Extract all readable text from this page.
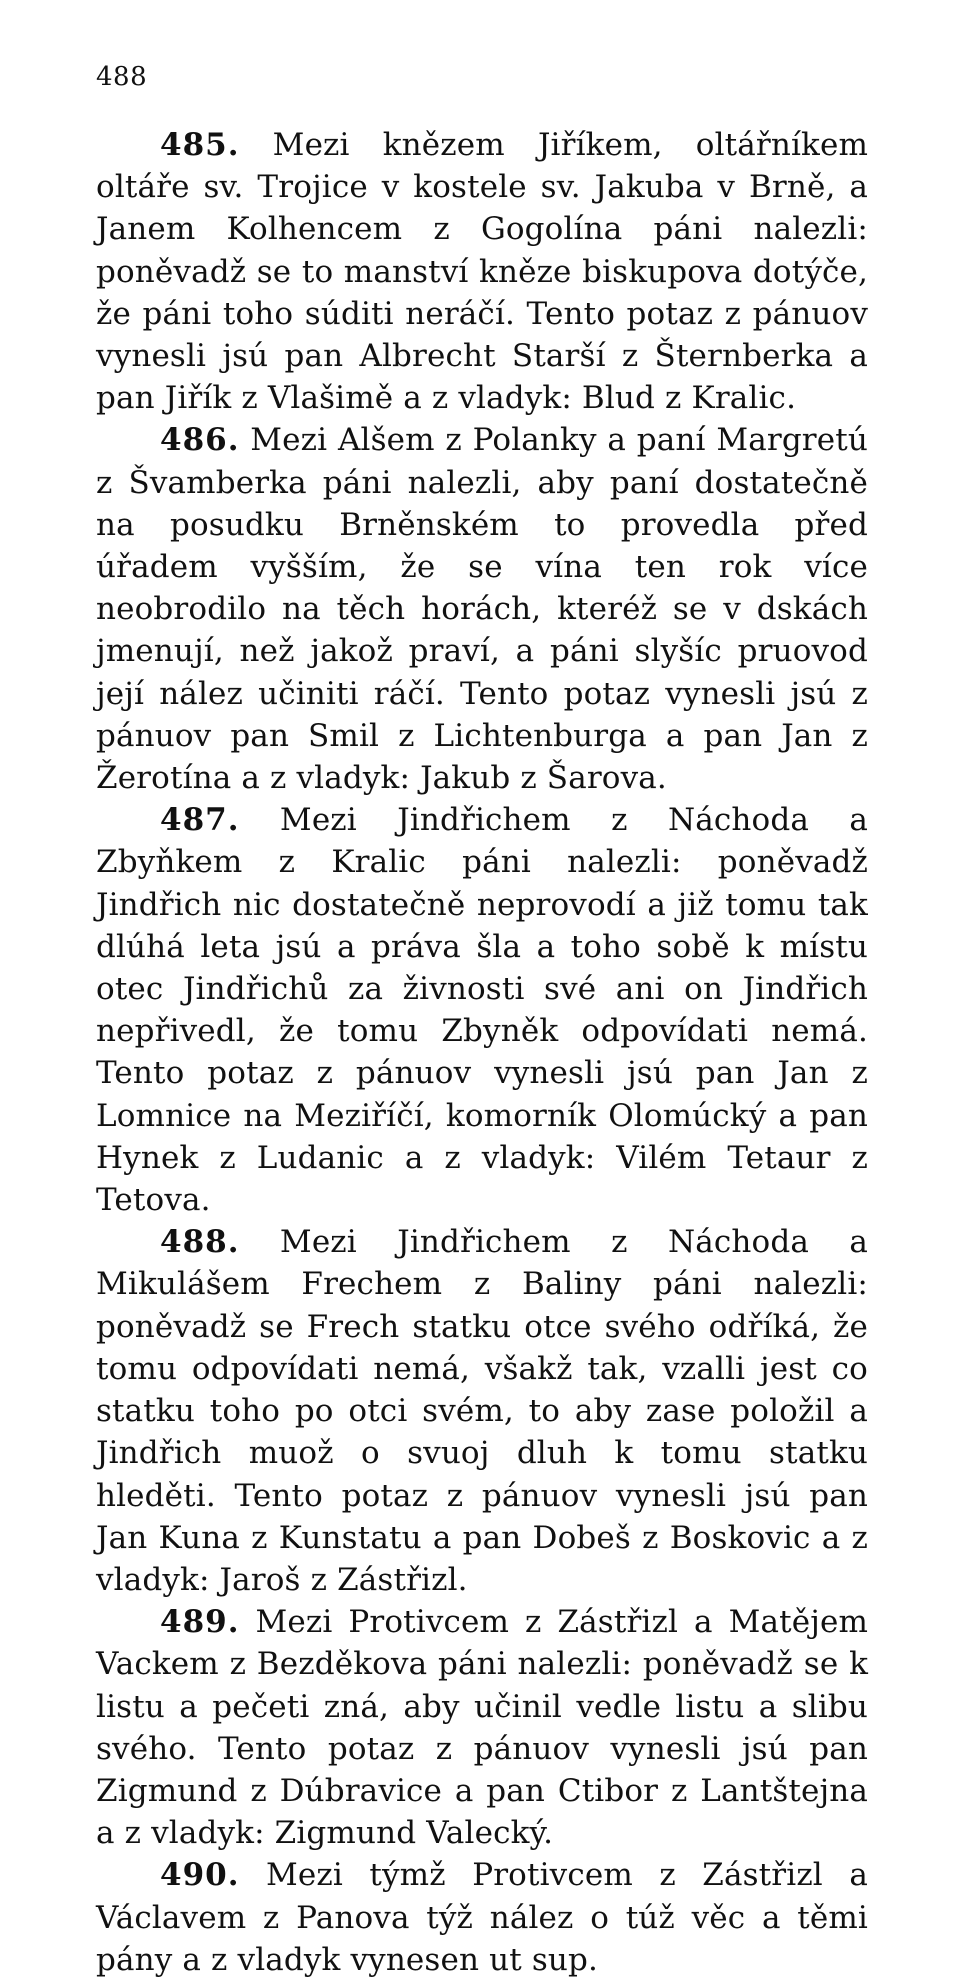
488

485. Mezi knězem Jiříkem, oltářníkem oltáře sv. Trojice v kostele sv. Jakuba v Brně, a Janem Kolhencem z Gogolína páni nalezli: poněvadž se to manství kněze biskupova dotýče, že páni toho súditi neráčí. Tento potaz z pánuov vynesli jsú pan Albrecht Starší z Šternberka a pan Jiřík z Vlašimě a z vladyk: Blud z Kralic.

486. Mezi Alšem z Polanky a paní Margretú z Švamberka páni nalezli, aby paní dostatečně na posudku Brněnském to provedla před úřadem vyšším, že se vína ten rok více neobrodilo na těch horách, kteréž se v dskách jmenují, než jakož praví, a páni slyšíc pruovod její nález učiniti ráčí. Tento potaz vynesli jsú z pánuov pan Smil z Lichtenburga a pan Jan z Žerotína a z vladyk: Jakub z Šarova.

487. Mezi Jindřichem z Náchoda a Zbyňkem z Kralic páni nalezli: poněvadž Jindřich nic dostatečně neprovodí a již tomu tak dlúhá leta jsú a práva šla a toho sobě k místu otec Jindřichů za živnosti své ani on Jindřich nepřivedl, že tomu Zbyněk odpovídati nemá. Tento potaz z pánuov vynesli jsú pan Jan z Lomnice na Meziříčí, komorník Olomúcký a pan Hynek z Ludanic a z vladyk: Vilém Tetaur z Tetova.

488. Mezi Jindřichem z Náchoda a Mikulášem Frechem z Baliny páni nalezli: poněvadž se Frech statku otce svého odříká, že tomu odpovídati nemá, všakž tak, vzalli jest co statku toho po otci svém, to aby zase položil a Jindřich muož o svuoj dluh k tomu statku hleděti. Tento potaz z pánuov vynesli jsú pan Jan Kuna z Kunstatu a pan Dobeš z Boskovic a z vladyk: Jaroš z Zástřizl.

489. Mezi Protivcem z Zástřizl a Matějem Vackem z Bezděkova páni nalezli: poněvadž se k listu a pečeti zná, aby učinil vedle listu a slibu svého. Tento potaz z pánuov vynesli jsú pan Zigmund z Dúbravice a pan Ctibor z Lantštejna a z vladyk: Zigmund Valecký.

490. Mezi týmž Protivcem z Zástřizl a Václavem z Panova týž nález o túž věc a těmi pány a z vladyk vynesen ut sup.
